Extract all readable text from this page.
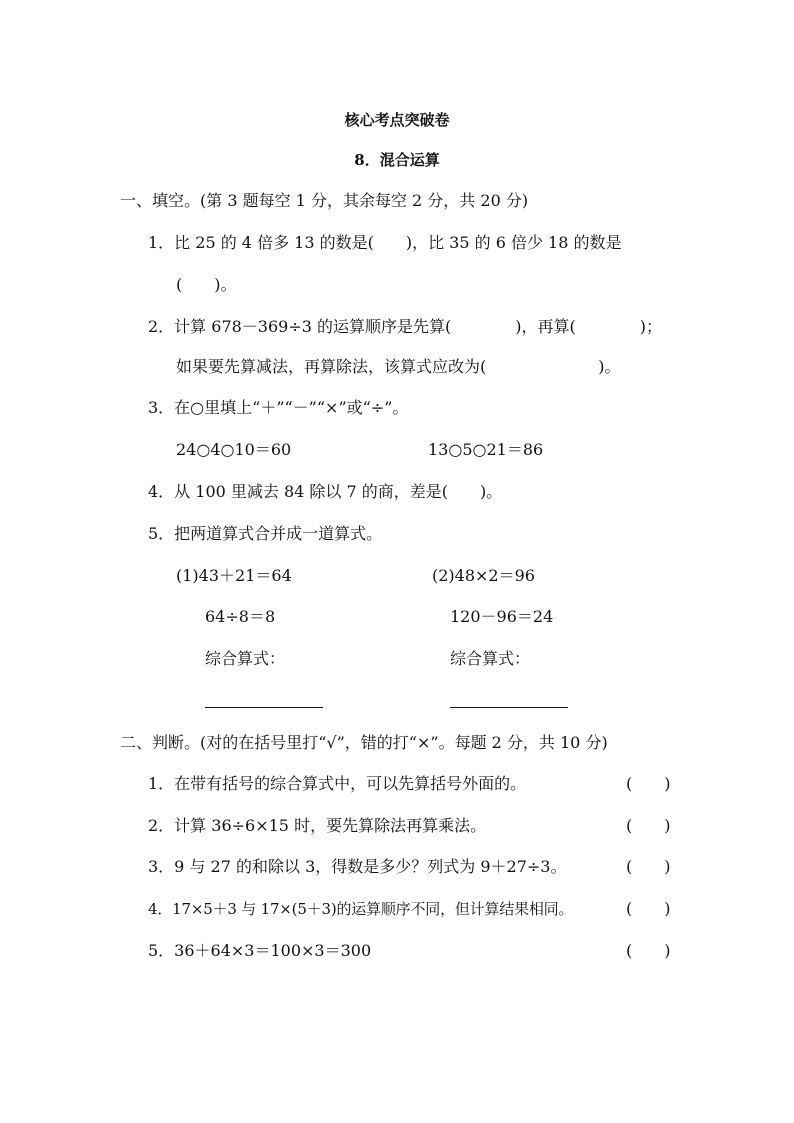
核心考点突破卷
8．混合运算
一、填空。(第 3 题每空 1 分，其余每空 2 分，共 20 分)
1．比 25 的 4 倍多 13 的数是(　　)，比 35 的 6 倍少 18 的数是
(　　)。
2．计算 678－369÷3 的运算顺序是先算(　　　　)，再算(　　　　)；
如果要先算减法，再算除法，该算式应改为(　　　　　　　)。
3．在○里填上“＋”“－”“×”或“÷”。
24○4○10＝60	13○5○21＝86
4．从 100 里减去 84 除以 7 的商，差是(　　)。
5．把两道算式合并成一道算式。
(1)43＋21＝64	(2)48×2＝96
64÷8＝8	120－96＝24
综合算式：	综合算式：
二、判断。(对的在括号里打“√”，错的打“×”。每题 2 分，共 10 分)
1．在带有括号的综合算式中，可以先算括号外面的。	(　　)
2．计算 36÷6×15 时，要先算除法再算乘法。	(　　)
3．9 与 27 的和除以 3，得数是多少？列式为 9＋27÷3。	(　　)
4．17×5＋3 与 17×(5＋3)的运算顺序不同，但计算结果相同。	(　　)
5．36＋64×3＝100×3＝300	(　　)
